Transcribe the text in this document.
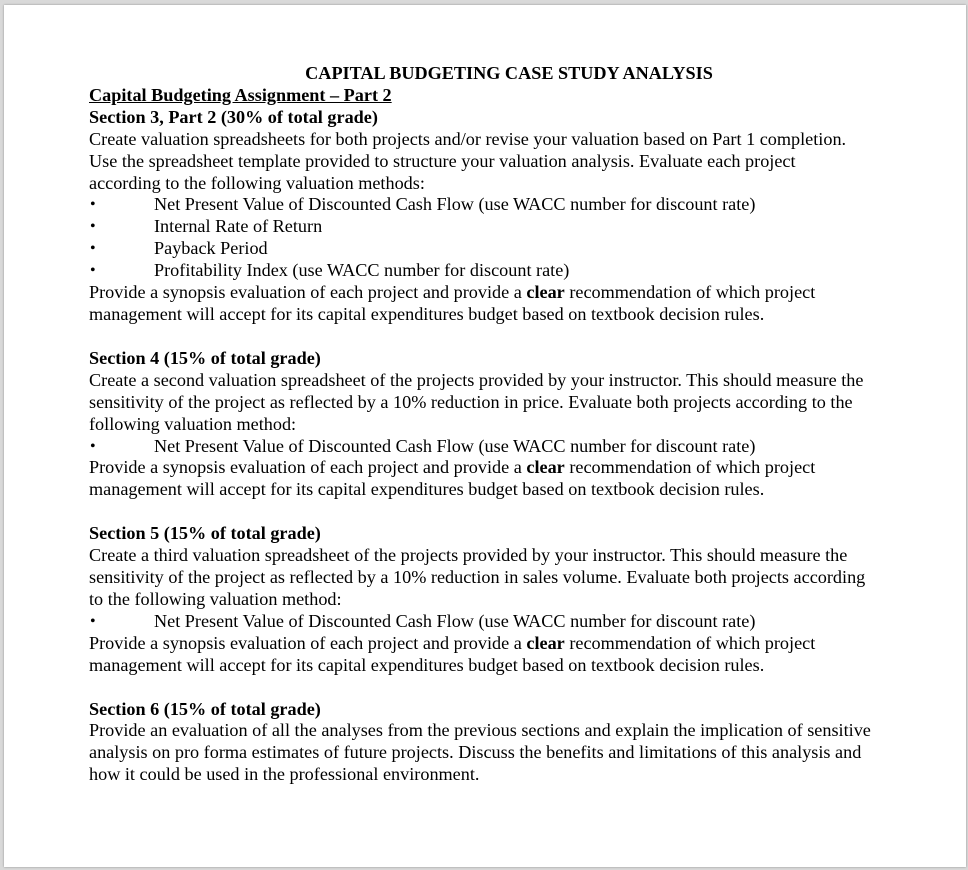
CAPITAL BUDGETING CASE STUDY ANALYSIS

Capital Budgeting Assignment – Part 2

Section 3, Part 2 (30% of total grade)

Create valuation spreadsheets for both projects and/or revise your valuation based on Part 1 completion.

Use the spreadsheet template provided to structure your valuation analysis. Evaluate each project

according to the following valuation methods:

•	Net Present Value of Discounted Cash Flow (use WACC number for discount rate)
•	Internal Rate of Return
•	Payback Period
•	Profitability Index (use WACC number for discount rate)

Provide a synopsis evaluation of each project and provide a clear recommendation of which project

management will accept for its capital expenditures budget based on textbook decision rules.

Section 4 (15% of total grade)

Create a second valuation spreadsheet of the projects provided by your instructor. This should measure the

sensitivity of the project as reflected by a 10% reduction in price. Evaluate both projects according to the

following valuation method:

•	Net Present Value of Discounted Cash Flow (use WACC number for discount rate)

Provide a synopsis evaluation of each project and provide a clear recommendation of which project

management will accept for its capital expenditures budget based on textbook decision rules.

Section 5 (15% of total grade)

Create a third valuation spreadsheet of the projects provided by your instructor. This should measure the

sensitivity of the project as reflected by a 10% reduction in sales volume. Evaluate both projects according

to the following valuation method:

•	Net Present Value of Discounted Cash Flow (use WACC number for discount rate)

Provide a synopsis evaluation of each project and provide a clear recommendation of which project

management will accept for its capital expenditures budget based on textbook decision rules.

Section 6 (15% of total grade)

Provide an evaluation of all the analyses from the previous sections and explain the implication of sensitive

analysis on pro forma estimates of future projects. Discuss the benefits and limitations of this analysis and

how it could be used in the professional environment.
